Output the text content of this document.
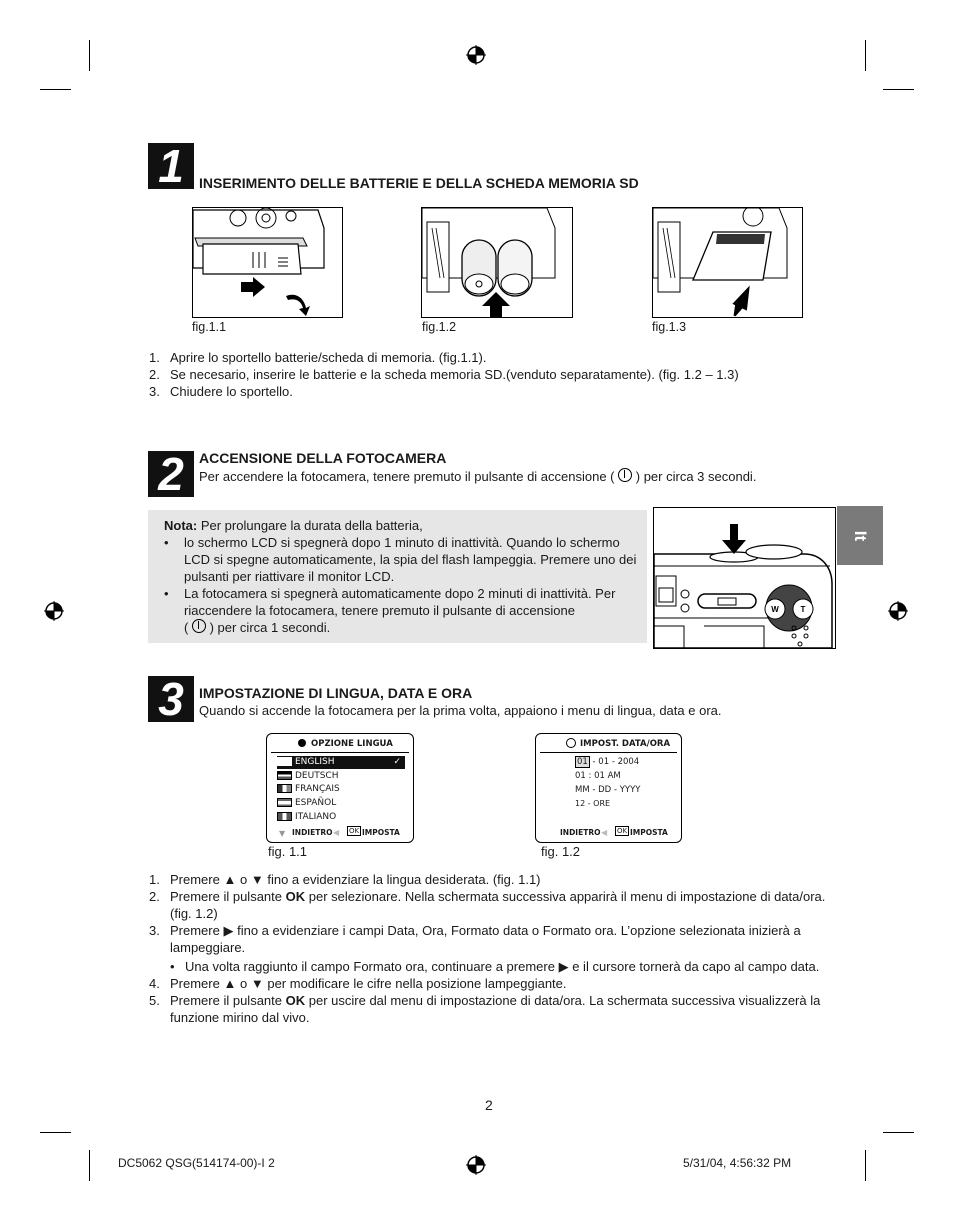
It
1	INSERIMENTO DELLE BATTERIE E DELLA SCHEDA MEMORIA SD
fig.1.1	fig.1.2	fig.1.3
1. Aprire lo sportello batterie/scheda di memoria. (fig.1.1).
2. Se necesario, inserire le batterie e la scheda memoria SD.(venduto separatamente). (fig. 1.2 – 1.3)
3. Chiudere lo sportello.
2	ACCENSIONE DELLA FOTOCAMERA
Per accendere la fotocamera, tenere premuto il pulsante di accensione ( ) per circa 3 secondi.
Nota: Per prolungare la durata della batteria,
• lo schermo LCD si spegnerà dopo 1 minuto di inattività. Quando lo schermo LCD si spegne automaticamente, la spia del flash lampeggia. Premere uno dei pulsanti per riattivare il monitor LCD.
• La fotocamera si spegnerà automaticamente dopo 2 minuti di inattività. Per riaccendere la fotocamera, tenere premuto il pulsante di accensione
( ) per circa 1 secondi.
W	T
3	IMPOSTAZIONE DI LINGUA, DATA E ORA
Quando si accende la fotocamera per la prima volta, appaiono i menu di lingua, data e ora.
OPZIONE LINGUA
ENGLISH	✓
DEUTSCH
FRANÇAIS
ESPAÑOL
ITALIANO
▼ INDIETRO ◀ OK IMPOSTA
fig. 1.1
IMPOST. DATA/ORA
01 - 01 - 2004
01 : 01 AM
MM - DD - YYYY
12 - ORE
INDIETRO ◀ OK IMPOSTA
fig. 1.2
1. Premere ▲ o ▼ fino a evidenziare la lingua desiderata. (fig. 1.1)
2. Premere il pulsante OK per selezionare. Nella schermata successiva apparirà il menu di impostazione di data/ora. (fig. 1.2)
3. Premere ▶ fino a evidenziare i campi Data, Ora, Formato data o Formato ora. L’opzione selezionata inizierà a lampeggiare.
• Una volta raggiunto il campo Formato ora, continuare a premere ▶ e il cursore tornerà da capo al campo data.
4. Premere ▲ o ▼ per modificare le cifre nella posizione lampeggiante.
5. Premere il pulsante OK per uscire dal menu di impostazione di data/ora. La schermata successiva visualizzerà la funzione mirino dal vivo.
2
DC5062 QSG(514174-00)-I 2	5/31/04, 4:56:32 PM
